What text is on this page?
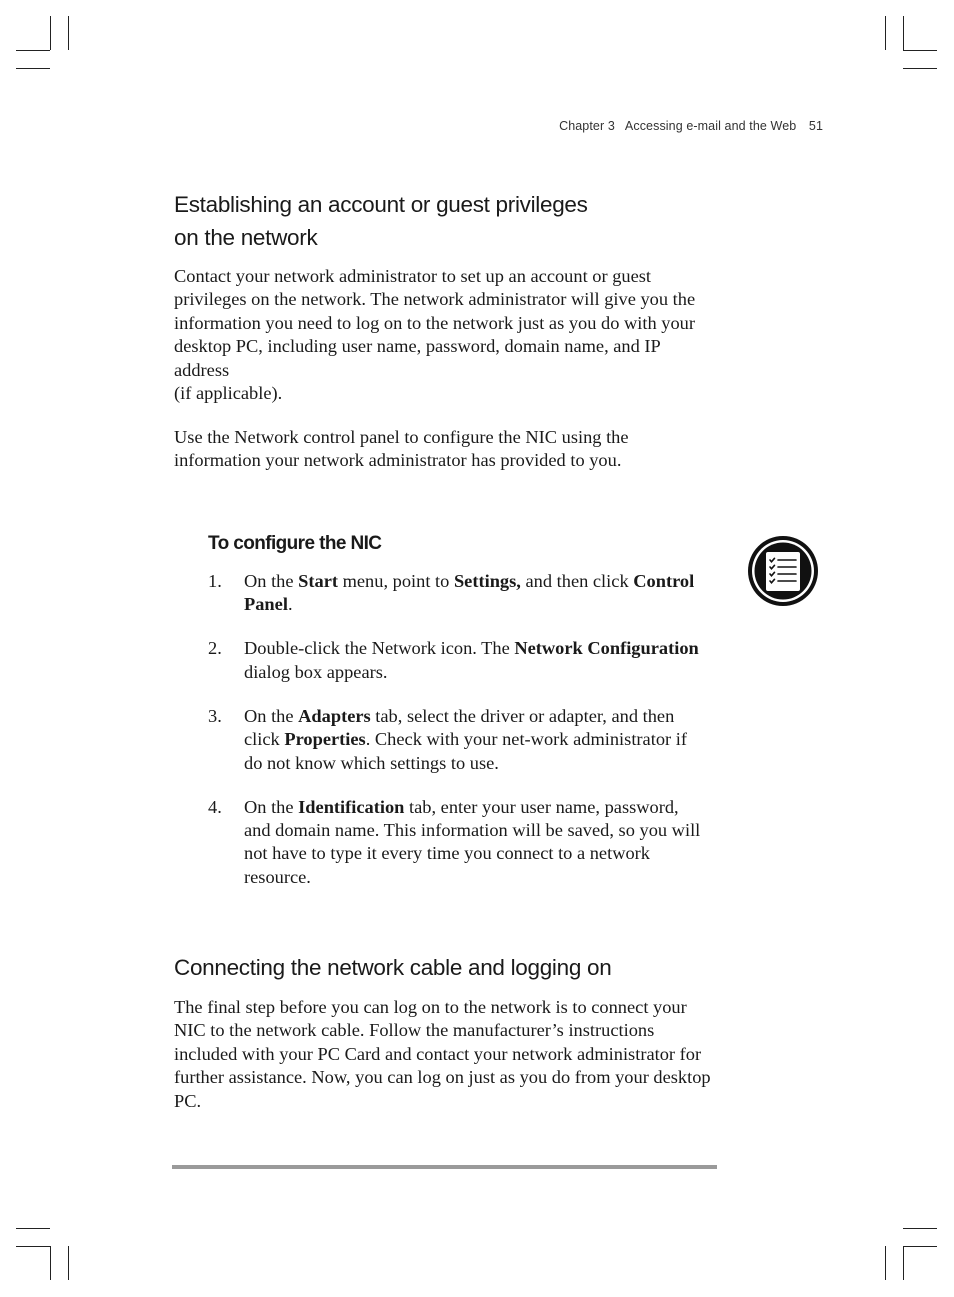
Chapter 3 Accessing e-mail and the Web 51
Establishing an account or guest privileges
on the network

Contact your network administrator to set up an account or guest privileges on the network. The network administrator will give you the information you need to log on to the network just as you do with your desktop PC, including user name, password, domain name, and IP address
(if applicable).

Use the Network control panel to configure the NIC using the information your network administrator has provided to you.

To configure the NIC
1.	On the Start menu, point to Settings, and then click Control Panel.
2.	Double-click the Network icon. The Network Configuration dialog box appears.
3.	On the Adapters tab, select the driver or adapter, and then click Properties. Check with your net-work administrator if do not know which settings to use.
4.	On the Identification tab, enter your user name, password, and domain name. This information will be saved, so you will not have to type it every time you connect to a network resource.
Connecting the network cable and logging on

The final step before you can log on to the network is to connect your NIC to the network cable. Follow the manufacturer’s instructions included with your PC Card and contact your network administrator for further assistance. Now, you can log on just as you do from your desktop PC.
